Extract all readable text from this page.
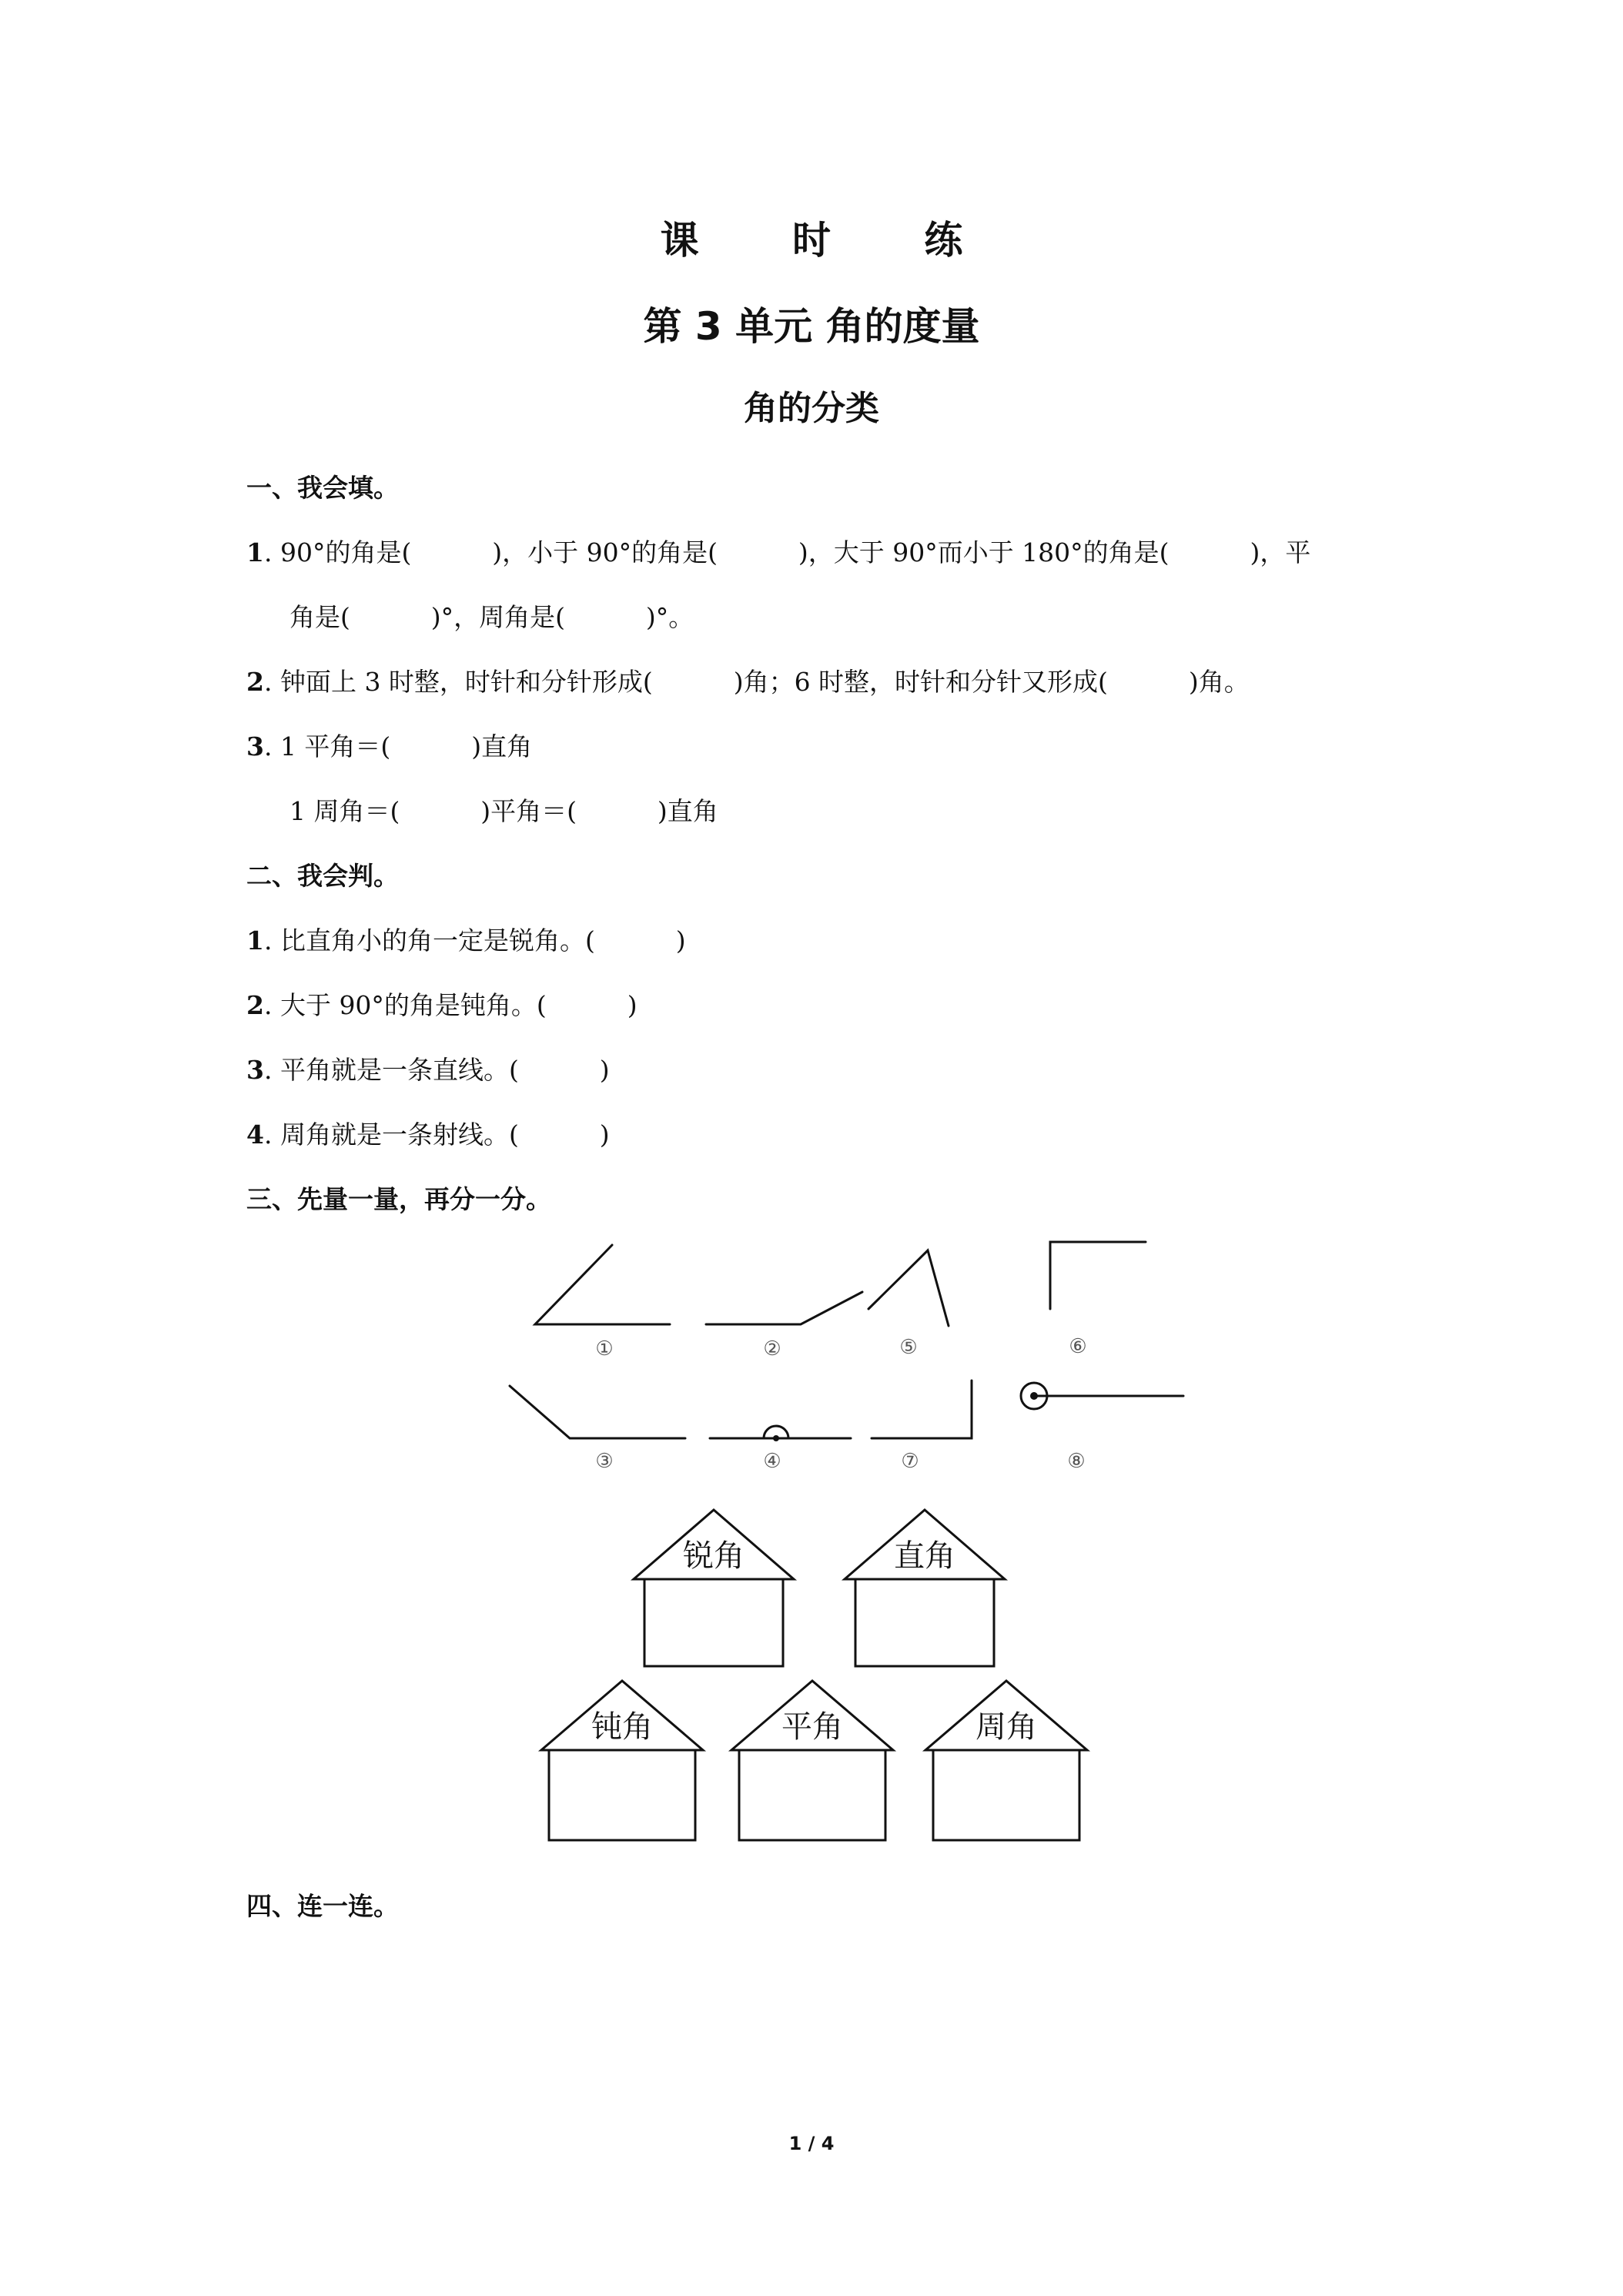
课 时 练
第 3 单元 角的度量
角的分类
一、我会填。
1. 90°的角是(          )，小于 90°的角是(          )，大于 90°而小于 180°的角是(          )，平
角是(          )°，周角是(          )°。
2. 钟面上 3 时整，时针和分针形成(          )角；6 时整，时针和分针又形成(          )角。
3. 1 平角＝(          )直角
1 周角＝(          )平角＝(          )直角
二、我会判。
1. 比直角小的角一定是锐角。(          )
2. 大于 90°的角是钝角。(          )
3. 平角就是一条直线。(          )
4. 周角就是一条射线。(          )
三、先量一量，再分一分。
①	②	⑤	⑥
③	④	⑦	⑧
锐角	直角
钝角	平角	周角
四、连一连。
1 / 4
